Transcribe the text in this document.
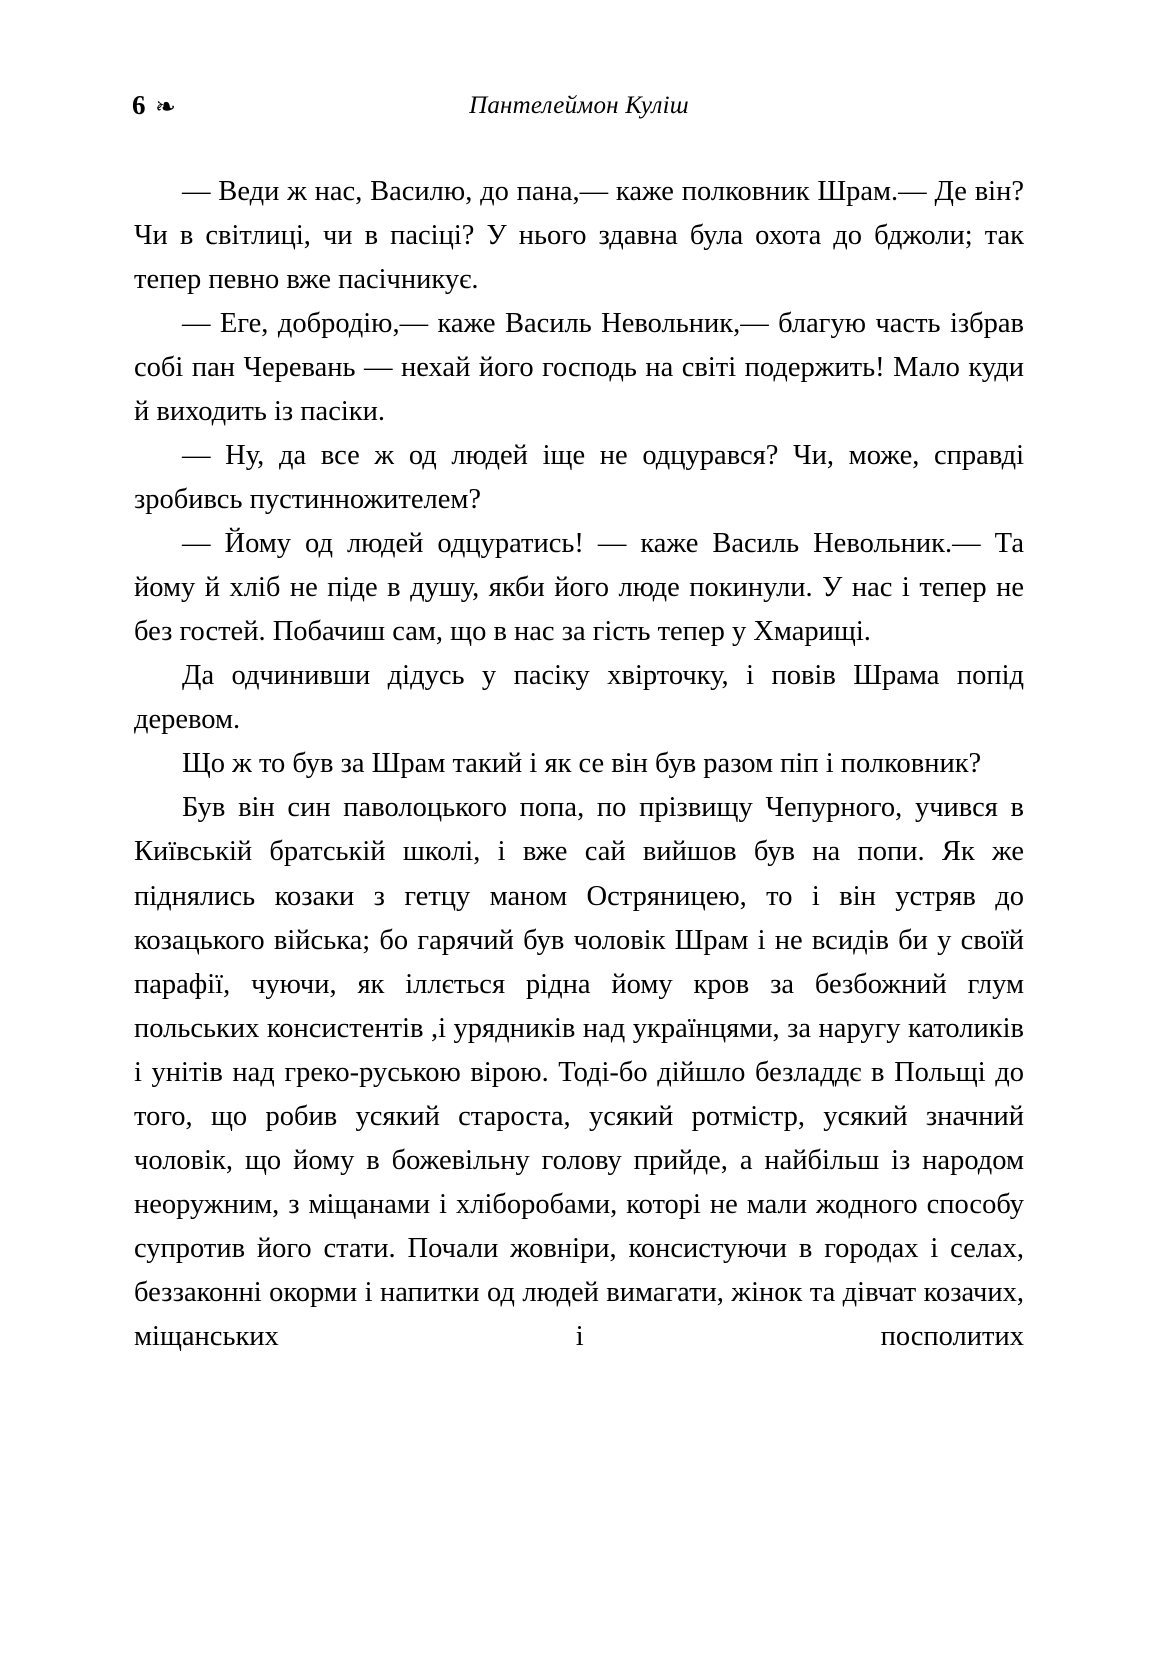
6 ❧	Пантелеймон Куліш

— Веди ж нас, Василю, до пана,— каже полковник Шрам.— Де він? Чи в світлиці, чи в пасіці? У нього здавна була охота до бджоли; так тепер певно вже пасічникує.

— Еге, добродію,— каже Василь Невольник,— благую часть ізбрав собі пан Черевань — нехай його господь на світі подержить! Мало куди й виходить із пасіки.

— Ну, да все ж од людей іще не одцурався? Чи, може, справді зробивсь пустинножителем?

— Йому од людей одцуратись! — каже Василь Невольник.— Та йому й хліб не піде в душу, якби його люде покинули. У нас і тепер не без гостей. Побачиш сам, що в нас за гість тепер у Хмарищі.

Да одчинивши дідусь у пасіку хвірточку, і повів Шрама попід деревом.

Що ж то був за Шрам такий і як се він був разом піп і полковник?

Був він син паволоцького попа, по прізвищу Чепурного, учився в Київській братській школі, і вже сай вийшов був на попи. Як же піднялись козаки з гетцу маном Остряницею, то і він устряв до козацького війська; бо гарячий був чоловік Шрам і не всидів би у своїй парафії, чуючи, як іллється рідна йому кров за безбожний глум польських консистентів ,і урядників над українцями, за наругу католиків і унітів над греко-руською вірою. Тоді-бо дійшло безладдє в Польщі до того, що робив усякий староста, усякий ротмістр, усякий значний чоловік, що йому в божевільну голову прийде, а найбільш із народом неоружним, з міщанами і хліборобами, которі не мали жодного способу супротив його стати. Почали жовніри, консистуючи в городах і селах, беззаконні окорми і напитки од людей вимагати, жінок та дівчат козачих, міщанських і посполитих
